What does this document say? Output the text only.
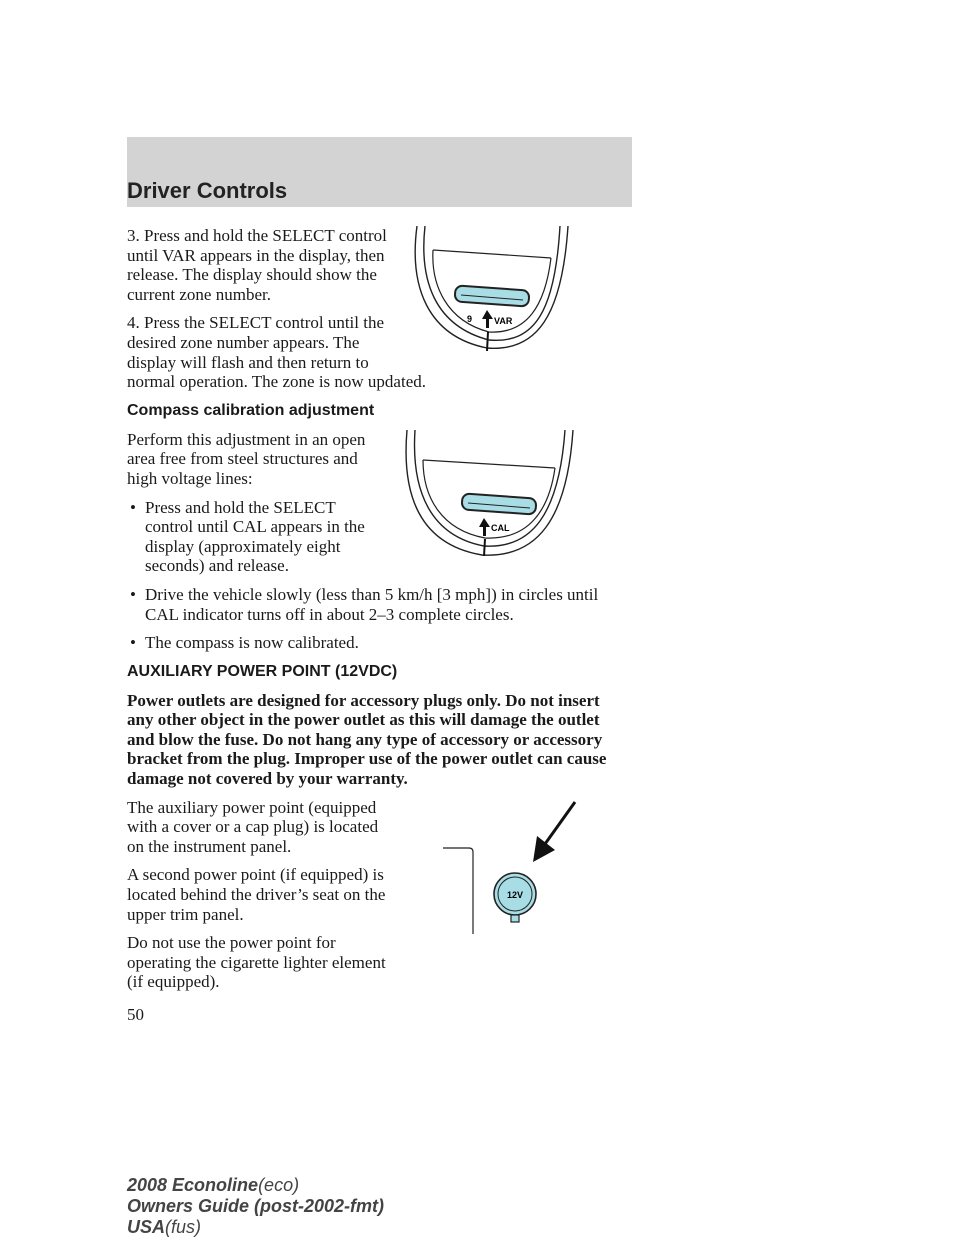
Driver Controls
9 VAR

3. Press and hold the SELECT control until VAR appears in the display, then release. The display should show the current zone number.

4. Press the SELECT control until the desired zone number appears. The display will flash and then return to normal operation. The zone is now updated.

Compass calibration adjustment
CAL

Perform this adjustment in an open area free from steel structures and high voltage lines:

• Press and hold the SELECT control until CAL appears in the display (approximately eight seconds) and release.
• Drive the vehicle slowly (less than 5 km/h [3 mph]) in circles until CAL indicator turns off in about 2–3 complete circles.
• The compass is now calibrated.
AUXILIARY POWER POINT (12VDC)

Power outlets are designed for accessory plugs only. Do not insert any other object in the power outlet as this will damage the outlet and blow the fuse. Do not hang any type of accessory or accessory bracket from the plug. Improper use of the power outlet can cause damage not covered by your warranty.

12V

The auxiliary power point (equipped with a cover or a cap plug) is located on the instrument panel.

A second power point (if equipped) is located behind the driver’s seat on the upper trim panel.

Do not use the power point for operating the cigarette lighter element (if equipped).

50
2008 Econoline(eco)
Owners Guide (post-2002-fmt)
USA(fus)
